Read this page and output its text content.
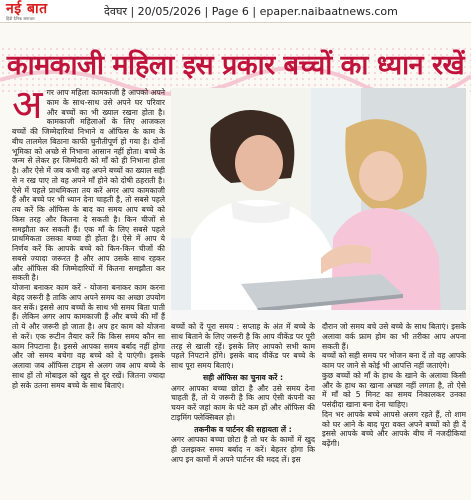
नई बात
हिंदी दैनिक समाचार	देवघर | 20/05/2026 | Page 6 | epaper.naibaatnews.com
कामकाजी महिला इस प्रकार बच्चों का ध्यान रखें
अ गर आप महिला कामकाजी है आपको अपने काम के साथ-साथ उसे अपने घर परिवार और बच्चों का भी ख्याल रखना होता है। कामकाजी महिलाओं के लिए आजकल बच्चों की जिम्मेदारियां निभाने व ऑफिस के काम के बीच तालमेल बिठाना काफी चुनौतीपूर्ण हो गया है। दोनों भूमिका को अच्छे से निभाना आसान नहीं होता। बच्चे के जन्म से लेकर हर जिम्मेदारी को माँ को ही निभाना होता है। और ऐसे में जब कभी वह अपने बच्चों का ख्याल सही से न रख पाए तो वह अपने माँ होने को दोषी ठहराती है। ऐसे में पहले प्राथमिकता तय करें अगर आप कामकाजी हैं और बच्चे पर भी ध्यान देना चाहती है, तो सबसे पहले तय करें कि ऑफिस के बाद का समय आप बच्चे को किस तरह और कितना दे सकती है। किन चीजों से समझौता कर सकती हैं। एक माँ के लिए सबसे पहले प्राथमिकता उसका बच्चा ही होता है। ऐसे में आप ये निर्णय करें कि आपके बच्चे को किन-किन चीजों की सबसे ज्यादा जरूरत है और आप उसके साथ रहकर और ऑफिस की जिम्मेदारियों में कितना समझौता कर सकती है।

योजना बनाकर काम करें - योजना बनाकर काम करना बेहद जरूरी है ताकि आप अपने समय का अच्छा उपयोग कर सकें। इससे आप बच्चों के साथ भी समय बिता पाती हैं। लेकिन अगर आप कामकाजी हैं और बच्चे की माँ हैं तो ये और जरूरी हो जाता है। अप हर काम को योजना से करें। एक रूटीन तैयार करें कि किस समय कौन सा काम निपटाना है। इससे आपका समय बर्बाद नहीं होगा और जो समय बचेगा वह बच्चे को दे पाएंगी। इसके अलावा जब ऑफिस टाइम से अलग जब आप बच्चे के साथ हों तो मोबाइल को खुद से दूर रखें। जितना ज्यादा हो सके उतना समय बच्चे के साथ बिताएं।

बच्चों को दें पूरा समय : सप्ताह के अंत में बच्चे के साथ बिताने के लिए जरूरी है कि आप वीकेंड पर पूरी तरह से खाली रहें। इसके लिए आपको सभी काम पहले निपटाने होंगे। इसके बाद वीकेंड पर बच्चे के साथ पूरा समय बिताएं।

सही ऑफिस का चुनाव करें :

अगर आपका बच्चा छोटा है और उसे समय देना चाहती हैं, तो ये जरूरी है कि आप ऐसी कंपनी का चयन करें जहां काम के घंटे कम हों और ऑफिस की टाइमिंग फ्लेक्सिबल हो।

तकनीक व पार्टनर की सहायता लें :

अगर आपका बच्चा छोटा है तो घर के कामों में खुद ही उलझकर समय बर्बाद न करें। बेहतर होगा कि आप इन कामों में अपने पार्टनर की मदद लें। इस

दौरान जो समय बचे उसे बच्चे के साथ बिताएं। इसके अलावा वर्क फ्राम होम का भी तरीका आप अपना सकती हैं।

बच्चों को सही समय पर भोजन बना दें तो वह आपके काम पर जाने से कोई भी आपत्ति नहीं जताएंगे।

कुछ बच्चों को माँ के हाथ के खाने के अलावा किसी और के हाथ का खाना अच्छा नहीं लगता है, तो ऐसे में माँ को 5 मिनट का समय निकालकर उनका पसंदीदा खाना बना देना चाहिए।

दिन भर आपके बच्चे आपसे अलग रहते हैं, तो शाम को घर आने के बाद पूरा वक्त अपने बच्चों को ही दें इससे आपके बच्चे और आपके बीच में नजदीकियां बढ़ेंगी।
